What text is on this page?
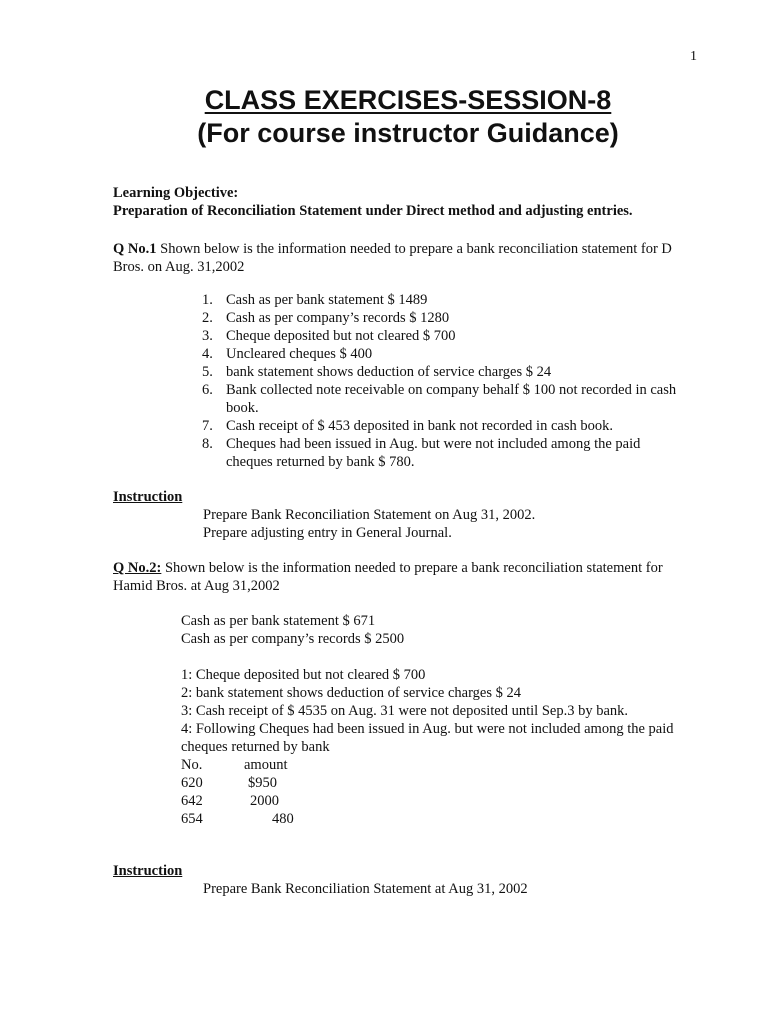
1
CLASS EXERCISES-SESSION-8
(For course instructor Guidance)
Learning Objective:
Preparation of Reconciliation Statement under Direct method and adjusting entries.
Q No.1 Shown below is the information needed to prepare a bank reconciliation statement for D
Bros. on Aug. 31,2002
1. Cash as per bank statement $ 1489
2. Cash as per company’s records $ 1280
3. Cheque deposited but not cleared $ 700
4. Uncleared cheques $ 400
5. bank statement shows deduction of service charges $ 24
6. Bank collected note receivable on company behalf $ 100 not recorded in cash
book.
7. Cash receipt of $ 453 deposited in bank not recorded in cash book.
8. Cheques had been issued in Aug. but were not included among the paid
cheques returned by bank $ 780.
Instruction
Prepare Bank Reconciliation Statement on Aug 31, 2002.
Prepare adjusting entry in General Journal.
Q No.2: Shown below is the information needed to prepare a bank reconciliation statement for
Hamid Bros. at Aug 31,2002
Cash as per bank statement $ 671
Cash as per company’s records $ 2500
1: Cheque deposited but not cleared $ 700
2: bank statement shows deduction of service charges $ 24
3: Cash receipt of $ 4535 on Aug. 31 were not deposited until Sep.3 by bank.
4: Following Cheques had been issued in Aug. but were not included among the paid
cheques returned by bank
No.	amount
620	$950
642	2000
654	480
Instruction
Prepare Bank Reconciliation Statement at Aug 31, 2002
